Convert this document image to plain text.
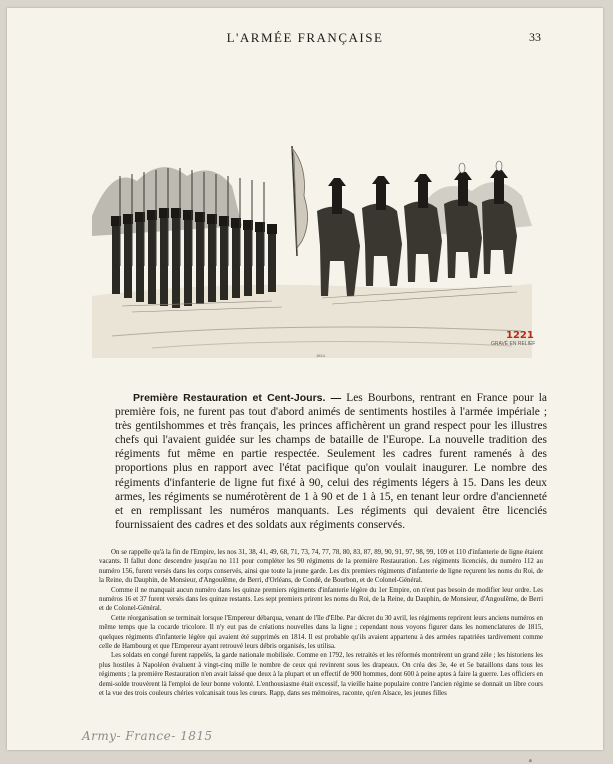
L'ARMÉE FRANÇAISE	33
1221
GRAVÉ EN RELIEF
1814
Première Restauration et Cent-Jours. — Les Bourbons, rentrant en France pour la première fois, ne furent pas tout d'abord animés de sentiments hostiles à l'armée impériale ; très gentilshommes et très français, les princes affichèrent un grand respect pour les illustres chefs qui l'avaient guidée sur les champs de bataille de l'Europe. La nouvelle tradition des régiments fut même en partie respectée. Seulement les cadres furent ramenés à des proportions plus en rapport avec l'état pacifique qu'on voulait inaugurer. Le nombre des régiments d'infanterie de ligne fut fixé à 90, celui des régiments légers à 15. Dans les deux armes, les régiments se numérotèrent de 1 à 90 et de 1 à 15, en tenant leur ordre d'ancienneté et en remplissant les numéros manquants. Les régiments qui devaient être licenciés fournissaient des cadres et des soldats aux régiments conservés.

On se rappelle qu'à la fin de l'Empire, les nos 31, 38, 41, 49, 68, 71, 73, 74, 77, 78, 80, 83, 87, 89, 90, 91, 97, 98, 99, 109 et 110 d'infanterie de ligne étaient vacants. Il fallut donc descendre jusqu'au no 111 pour compléter les 90 régiments de la première Restauration. Les régiments licenciés, du numéro 112 au numéro 156, furent versés dans les corps conservés, ainsi que toute la jeune garde. Les dix premiers régiments d'infanterie de ligne reçurent les noms du Roi, de la Reine, du Dauphin, de Monsieur, d'Angoulême, de Berri, d'Orléans, de Condé, de Bourbon, et de Colonel-Général.

Comme il ne manquait aucun numéro dans les quinze premiers régiments d'infanterie légère du 1er Empire, on n'eut pas besoin de modifier leur ordre. Les numéros 16 et 37 furent versés dans les quinze restants. Les sept premiers prirent les noms du Roi, de la Reine, du Dauphin, de Monsieur, d'Angoulême, de Berri et de Colonel-Général.

Cette réorganisation se terminait lorsque l'Empereur débarqua, venant de l'île d'Elbe. Par décret du 30 avril, les régiments reprirent leurs anciens numéros en même temps que la cocarde tricolore. Il n'y eut pas de créations nouvelles dans la ligne ; cependant nous voyons figurer dans les nomenclatures de 1815, quelques régiments d'infanterie légère qui avaient été supprimés en 1814. Il est probable qu'ils avaient appartenu à des armées rapatriées tardivement comme celle de Hambourg et que l'Empereur ayant retrouvé leurs débris organisés, les utilisa.

Les soldats en congé furent rappelés, la garde nationale mobilisée. Comme en 1792, les retraités et les réformés montrèrent un grand zèle ; les historiens les plus hostiles à Napoléon évaluent à vingt-cinq mille le nombre de ceux qui revinrent sous les drapeaux. On créa des 3e, 4e et 5e bataillons dans tous les régiments ; la première Restauration n'en avait laissé que deux à la plupart et un effectif de 900 hommes, dont 600 à peine aptes à faire la guerre. Les officiers en demi-solde trouvèrent là l'emploi de leur bonne volonté. L'enthousiasme était excessif, la vieille haine populaire contre l'ancien régime se donnait un libre cours et la vue des trois couleurs chéries volcanisait tous les cœurs. Rapp, dans ses mémoires, raconte, qu'en Alsace, les jeunes filles

a
Army- France- 1815
